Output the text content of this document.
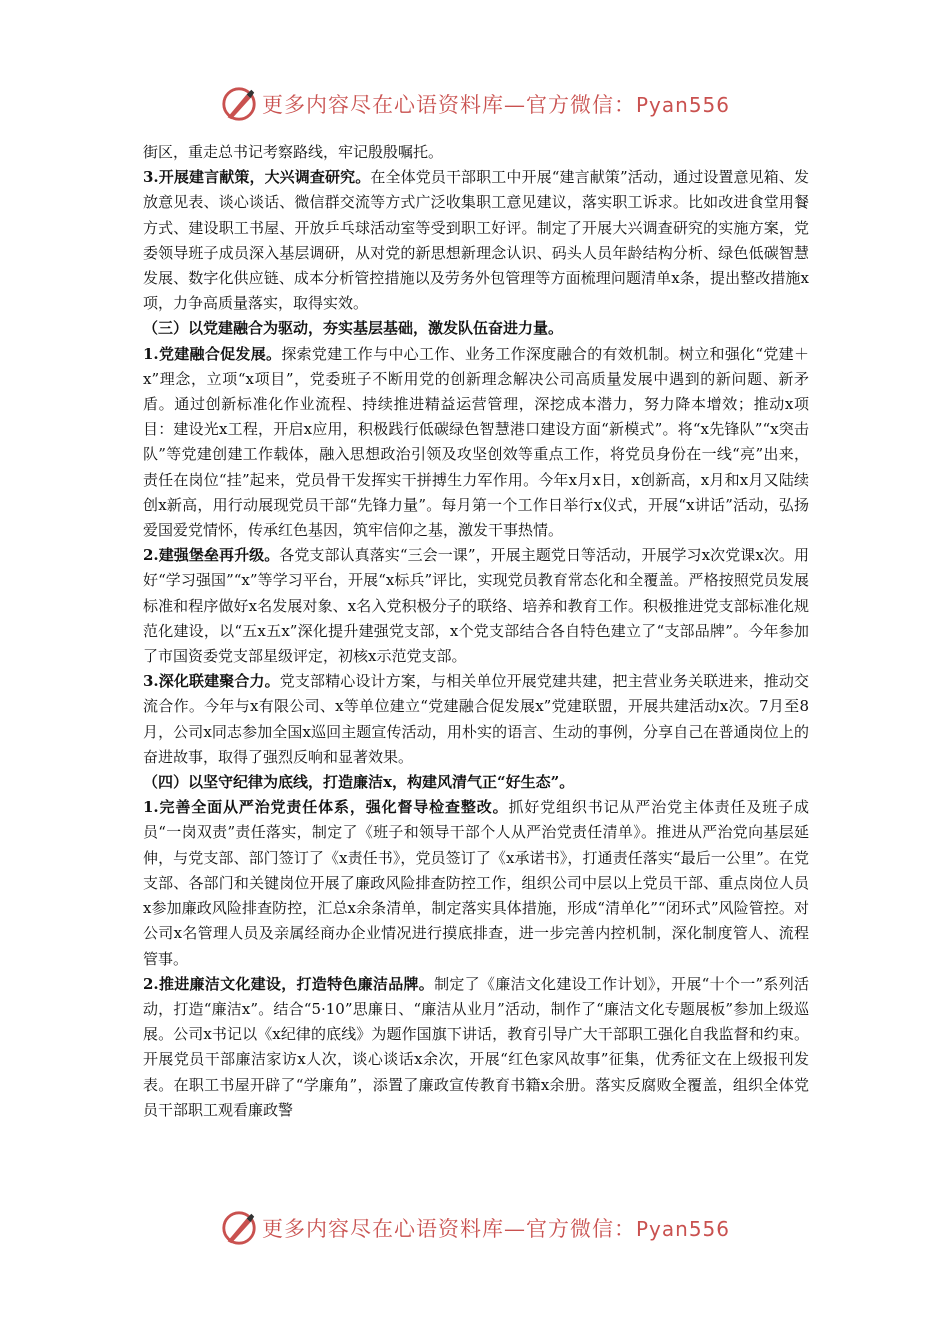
更多内容尽在心语资料库—官方微信：Pyan556

街区，重走总书记考察路线，牢记殷殷嘱托。

3.开展建言献策，大兴调查研究。在全体党员干部职工中开展“建言献策”活动，通过设置意见箱、发放意见表、谈心谈话、微信群交流等方式广泛收集职工意见建议，落实职工诉求。比如改进食堂用餐方式、建设职工书屋、开放乒乓球活动室等受到职工好评。制定了开展大兴调查研究的实施方案，党委领导班子成员深入基层调研，从对党的新思想新理念认识、码头人员年龄结构分析、绿色低碳智慧发展、数字化供应链、成本分析管控措施以及劳务外包管理等方面梳理问题清单x条，提出整改措施x项，力争高质量落实，取得实效。

（三）以党建融合为驱动，夯实基层基础，激发队伍奋进力量。

1.党建融合促发展。探索党建工作与中心工作、业务工作深度融合的有效机制。树立和强化“党建＋x”理念，立项“x项目”，党委班子不断用党的创新理念解决公司高质量发展中遇到的新问题、新矛盾。通过创新标准化作业流程、持续推进精益运营管理，深挖成本潜力，努力降本增效；推动x项目：建设光x工程，开启x应用，积极践行低碳绿色智慧港口建设方面“新模式”。将“x先锋队”“x突击队”等党建创建工作载体，融入思想政治引领及攻坚创效等重点工作，将党员身份在一线“亮”出来，责任在岗位“挂”起来，党员骨干发挥实干拼搏生力军作用。今年x月x日，x创新高，x月和x月又陆续创x新高，用行动展现党员干部“先锋力量”。每月第一个工作日举行x仪式，开展“x讲话”活动，弘扬爱国爱党情怀，传承红色基因，筑牢信仰之基，激发干事热情。

2.建强堡垒再升级。各党支部认真落实“三会一课”，开展主题党日等活动，开展学习x次党课x次。用好“学习强国”“x”等学习平台，开展“x标兵”评比，实现党员教育常态化和全覆盖。严格按照党员发展标准和程序做好x名发展对象、x名入党积极分子的联络、培养和教育工作。积极推进党支部标准化规范化建设，以“五x五x”深化提升建强党支部，x个党支部结合各自特色建立了“支部品牌”。今年参加了市国资委党支部星级评定，初核x示范党支部。

3.深化联建聚合力。党支部精心设计方案，与相关单位开展党建共建，把主营业务关联进来，推动交流合作。今年与x有限公司、x等单位建立“党建融合促发展x”党建联盟，开展共建活动x次。7月至8月，公司x同志参加全国x巡回主题宣传活动，用朴实的语言、生动的事例，分享自己在普通岗位上的奋进故事，取得了强烈反响和显著效果。

（四）以坚守纪律为底线，打造廉洁x，构建风清气正“好生态”。

1.完善全面从严治党责任体系，强化督导检查整改。抓好党组织书记从严治党主体责任及班子成员“一岗双责”责任落实，制定了《班子和领导干部个人从严治党责任清单》。推进从严治党向基层延伸，与党支部、部门签订了《x责任书》，党员签订了《x承诺书》，打通责任落实“最后一公里”。在党支部、各部门和关键岗位开展了廉政风险排查防控工作，组织公司中层以上党员干部、重点岗位人员x参加廉政风险排查防控，汇总x余条清单，制定落实具体措施，形成“清单化”“闭环式”风险管控。对公司x名管理人员及亲属经商办企业情况进行摸底排查，进一步完善内控机制，深化制度管人、流程管事。

2.推进廉洁文化建设，打造特色廉洁品牌。制定了《廉洁文化建设工作计划》，开展“十个一”系列活动，打造“廉洁x”。结合“5·10”思廉日、“廉洁从业月”活动，制作了“廉洁文化专题展板”参加上级巡展。公司x书记以《x纪律的底线》为题作国旗下讲话，教育引导广大干部职工强化自我监督和约束。开展党员干部廉洁家访x人次，谈心谈话x余次，开展“红色家风故事”征集，优秀征文在上级报刊发表。在职工书屋开辟了“学廉角”，添置了廉政宣传教育书籍x余册。落实反腐败全覆盖，组织全体党员干部职工观看廉政警

更多内容尽在心语资料库—官方微信：Pyan556
